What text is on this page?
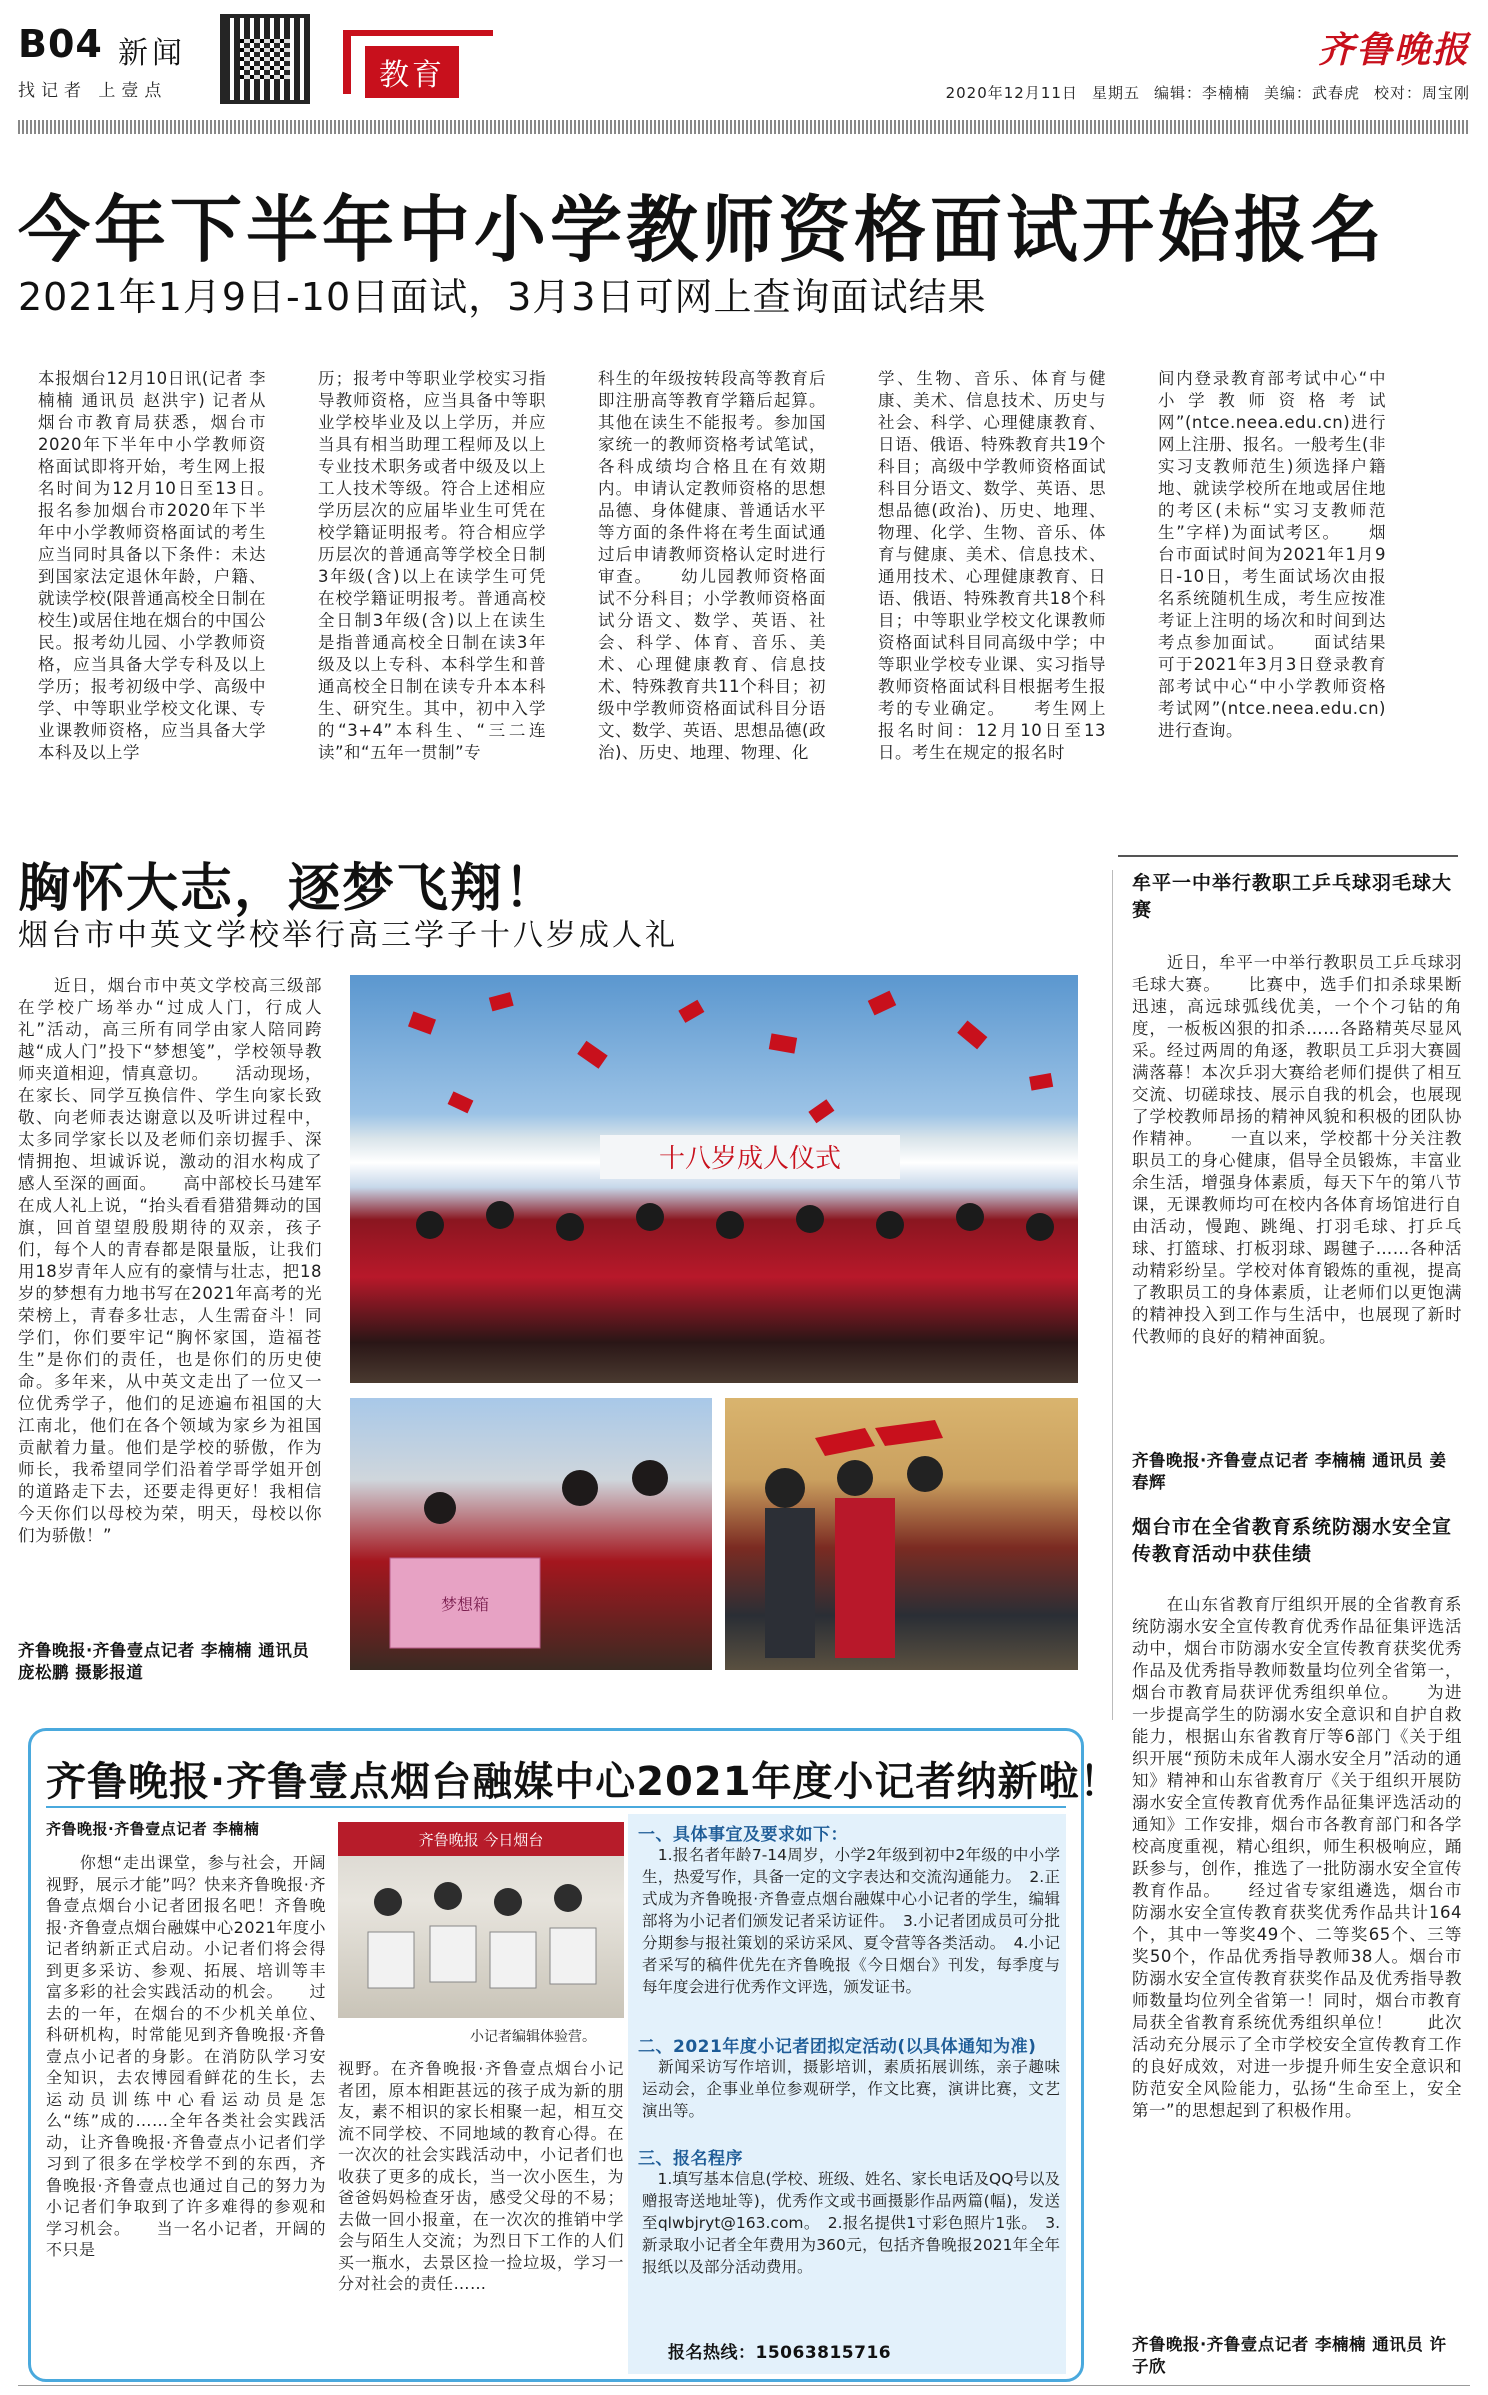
B04 新闻
找记者 上壹点	教育
齐鲁晚报
2020年12月11日 星期五 编辑：李楠楠 美编：武春虎 校对：周宝刚
今年下半年中小学教师资格面试开始报名
2021年1月9日-10日面试，3月3日可网上查询面试结果

本报烟台12月10日讯(记者 李楠楠 通讯员 赵洪宇) 记者从烟台市教育局获悉，烟台市2020年下半年中小学教师资格面试即将开始，考生网上报名时间为12月10日至13日。　　报名参加烟台市2020年下半年中小学教师资格面试的考生应当同时具备以下条件：未达到国家法定退休年龄，户籍、就读学校(限普通高校全日制在校生)或居住地在烟台的中国公民。报考幼儿园、小学教师资格，应当具备大学专科及以上学历；报考初级中学、高级中学、中等职业学校文化课、专业课教师资格，应当具备大学本科及以上学

历；报考中等职业学校实习指导教师资格，应当具备中等职业学校毕业及以上学历，并应当具有相当助理工程师及以上专业技术职务或者中级及以上工人技术等级。符合上述相应学历层次的应届毕业生可凭在校学籍证明报考。符合相应学历层次的普通高等学校全日制3年级(含)以上在读学生可凭在校学籍证明报考。普通高校全日制3年级(含)以上在读生是指普通高校全日制在读3年级及以上专科、本科学生和普通高校全日制在读专升本本科生、研究生。其中，初中入学的“3+4”本科生、“三二连读”和“五年一贯制”专

科生的年级按转段高等教育后即注册高等教育学籍后起算。其他在读生不能报考。参加国家统一的教师资格考试笔试，各科成绩均合格且在有效期内。申请认定教师资格的思想品德、身体健康、普通话水平等方面的条件将在考生面试通过后申请教师资格认定时进行审查。　　幼儿园教师资格面试不分科目；小学教师资格面试分语文、数学、英语、社会、科学、体育、音乐、美术、心理健康教育、信息技术、特殊教育共11个科目；初级中学教师资格面试科目分语文、数学、英语、思想品德(政治)、历史、地理、物理、化

学、生物、音乐、体育与健康、美术、信息技术、历史与社会、科学、心理健康教育、日语、俄语、特殊教育共19个科目；高级中学教师资格面试科目分语文、数学、英语、思想品德(政治)、历史、地理、物理、化学、生物、音乐、体育与健康、美术、信息技术、通用技术、心理健康教育、日语、俄语、特殊教育共18个科目；中等职业学校文化课教师资格面试科目同高级中学；中等职业学校专业课、实习指导教师资格面试科目根据考生报考的专业确定。　　考生网上报名时间：12月10日至13日。考生在规定的报名时

间内登录教育部考试中心“中小学教师资格考试网”(ntce.neea.edu.cn)进行网上注册、报名。一般考生(非实习支教师范生)须选择户籍地、就读学校所在地或居住地的考区(未标“实习支教师范生”字样)为面试考区。　　烟台市面试时间为2021年1月9日-10日，考生面试场次由报名系统随机生成，考生应按准考证上注明的场次和时间到达考点参加面试。　　面试结果可于2021年3月3日登录教育部考试中心“中小学教师资格考试网”(ntce.neea.edu.cn)进行查询。

胸怀大志，逐梦飞翔！
烟台市中英文学校举行高三学子十八岁成人礼
　　近日，烟台市中英文学校高三级部在学校广场举办“过成人门，行成人礼”活动，高三所有同学由家人陪同跨越“成人门”投下“梦想笺”，学校领导教师夹道相迎，情真意切。　　活动现场，在家长、同学互换信件、学生向家长致敬、向老师表达谢意以及听讲过程中，太多同学家长以及老师们亲切握手、深情拥抱、坦诚诉说，激动的泪水构成了感人至深的画面。　　高中部校长马建军在成人礼上说，“抬头看看猎猎舞动的国旗，回首望望殷殷期待的双亲，孩子们，每个人的青春都是限量版，让我们用18岁青年人应有的豪情与壮志，把18岁的梦想有力地书写在2021年高考的光荣榜上，青春多壮志，人生需奋斗！同学们，你们要牢记“胸怀家国，造福苍生”是你们的责任，也是你们的历史使命。多年来，从中英文走出了一位又一位优秀学子，他们的足迹遍布祖国的大江南北，他们在各个领域为家乡为祖国贡献着力量。他们是学校的骄傲，作为师长，我希望同学们沿着学哥学姐开创的道路走下去，还要走得更好！我相信今天你们以母校为荣，明天，母校以你们为骄傲！”
齐鲁晚报·齐鲁壹点记者 李楠楠 通讯员 庞松鹏 摄影报道
十八岁成人仪式
梦想箱
牟平一中举行教职工乒乓球羽毛球大赛
　　近日，牟平一中举行教职员工乒乓球羽毛球大赛。　　比赛中，选手们扣杀球果断迅速，高远球弧线优美，一个个刁钻的角度，一板板凶狠的扣杀……各路精英尽显风采。经过两周的角逐，教职员工乒羽大赛圆满落幕！本次乒羽大赛给老师们提供了相互交流、切磋球技、展示自我的机会，也展现了学校教师昂扬的精神风貌和积极的团队协作精神。　　一直以来，学校都十分关注教职员工的身心健康，倡导全员锻炼，丰富业余生活，增强身体素质，每天下午的第八节课，无课教师均可在校内各体育场馆进行自由活动，慢跑、跳绳、打羽毛球、打乒乓球、打篮球、打板羽球、踢毽子……各种活动精彩纷呈。学校对体育锻炼的重视，提高了教职员工的身体素质，让老师们以更饱满的精神投入到工作与生活中，也展现了新时代教师的良好的精神面貌。
齐鲁晚报·齐鲁壹点记者 李楠楠 通讯员 姜春辉
烟台市在全省教育系统防溺水安全宣传教育活动中获佳绩
　　在山东省教育厅组织开展的全省教育系统防溺水安全宣传教育优秀作品征集评选活动中，烟台市防溺水安全宣传教育获奖优秀作品及优秀指导教师数量均位列全省第一，烟台市教育局获评优秀组织单位。　　为进一步提高学生的防溺水安全意识和自护自救能力，根据山东省教育厅等6部门《关于组织开展“预防未成年人溺水安全月”活动的通知》精神和山东省教育厅《关于组织开展防溺水安全宣传教育优秀作品征集评选活动的通知》工作安排，烟台市各教育部门和各学校高度重视，精心组织，师生积极响应，踊跃参与，创作，推选了一批防溺水安全宣传教育作品。　　经过省专家组遴选，烟台市防溺水安全宣传教育获奖优秀作品共计164个，其中一等奖49个、二等奖65个、三等奖50个，作品优秀指导教师38人。烟台市防溺水安全宣传教育获奖作品及优秀指导教师数量均位列全省第一！同时，烟台市教育局获全省教育系统优秀组织单位！　　此次活动充分展示了全市学校安全宣传教育工作的良好成效，对进一步提升师生安全意识和防范安全风险能力，弘扬“生命至上，安全第一”的思想起到了积极作用。
齐鲁晚报·齐鲁壹点记者 李楠楠 通讯员 许子欣
齐鲁晚报·齐鲁壹点烟台融媒中心2021年度小记者纳新啦！
齐鲁晚报·齐鲁壹点记者 李楠楠
　　你想“走出课堂，参与社会，开阔视野，展示才能”吗？快来齐鲁晚报·齐鲁壹点烟台小记者团报名吧！齐鲁晚报·齐鲁壹点烟台融媒中心2021年度小记者纳新正式启动。小记者们将会得到更多采访、参观、拓展、培训等丰富多彩的社会实践活动的机会。　　过去的一年，在烟台的不少机关单位、科研机构，时常能见到齐鲁晚报·齐鲁壹点小记者的身影。在消防队学习安全知识，去农博园看鲜花的生长，去运动员训练中心看运动员是怎么“练”成的……全年各类社会实践活动，让齐鲁晚报·齐鲁壹点小记者们学习到了很多在学校学不到的东西，齐鲁晚报·齐鲁壹点也通过自己的努力为小记者们争取到了许多难得的参观和学习机会。　　当一名小记者，开阔的不只是
齐鲁晚报 今日烟台
小记者编辑体验营。
视野。在齐鲁晚报·齐鲁壹点烟台小记者团，原本相距甚远的孩子成为新的朋友，素不相识的家长相聚一起，相互交流不同学校、不同地域的教育心得。在一次次的社会实践活动中，小记者们也收获了更多的成长，当一次小医生，为爸爸妈妈检查牙齿，感受父母的不易；去做一回小报童，在一次次的推销中学会与陌生人交流；为烈日下工作的人们买一瓶水，去景区捡一捡垃圾，学习一分对社会的责任……
一、具体事宜及要求如下：
　1.报名者年龄7-14周岁，小学2年级到初中2年级的中小学生，热爱写作，具备一定的文字表达和交流沟通能力。　2.正式成为齐鲁晚报·齐鲁壹点烟台融媒中心小记者的学生，编辑部将为小记者们颁发记者采访证件。　3.小记者团成员可分批分期参与报社策划的采访采风、夏令营等各类活动。　4.小记者采写的稿件优先在齐鲁晚报《今日烟台》刊发，每季度与每年度会进行优秀作文评选，颁发证书。
二、2021年度小记者团拟定活动(以具体通知为准)
　新闻采访写作培训，摄影培训，素质拓展训练，亲子趣味运动会，企事业单位参观研学，作文比赛，演讲比赛，文艺演出等。
三、报名程序
　1.填写基本信息(学校、班级、姓名、家长电话及QQ号以及赠报寄送地址等)，优秀作文或书画摄影作品两篇(幅)，发送至qlwbjryt@163.com。　2.报名提供1寸彩色照片1张。　3.新录取小记者全年费用为360元，包括齐鲁晚报2021年全年报纸以及部分活动费用。
报名热线：15063815716
